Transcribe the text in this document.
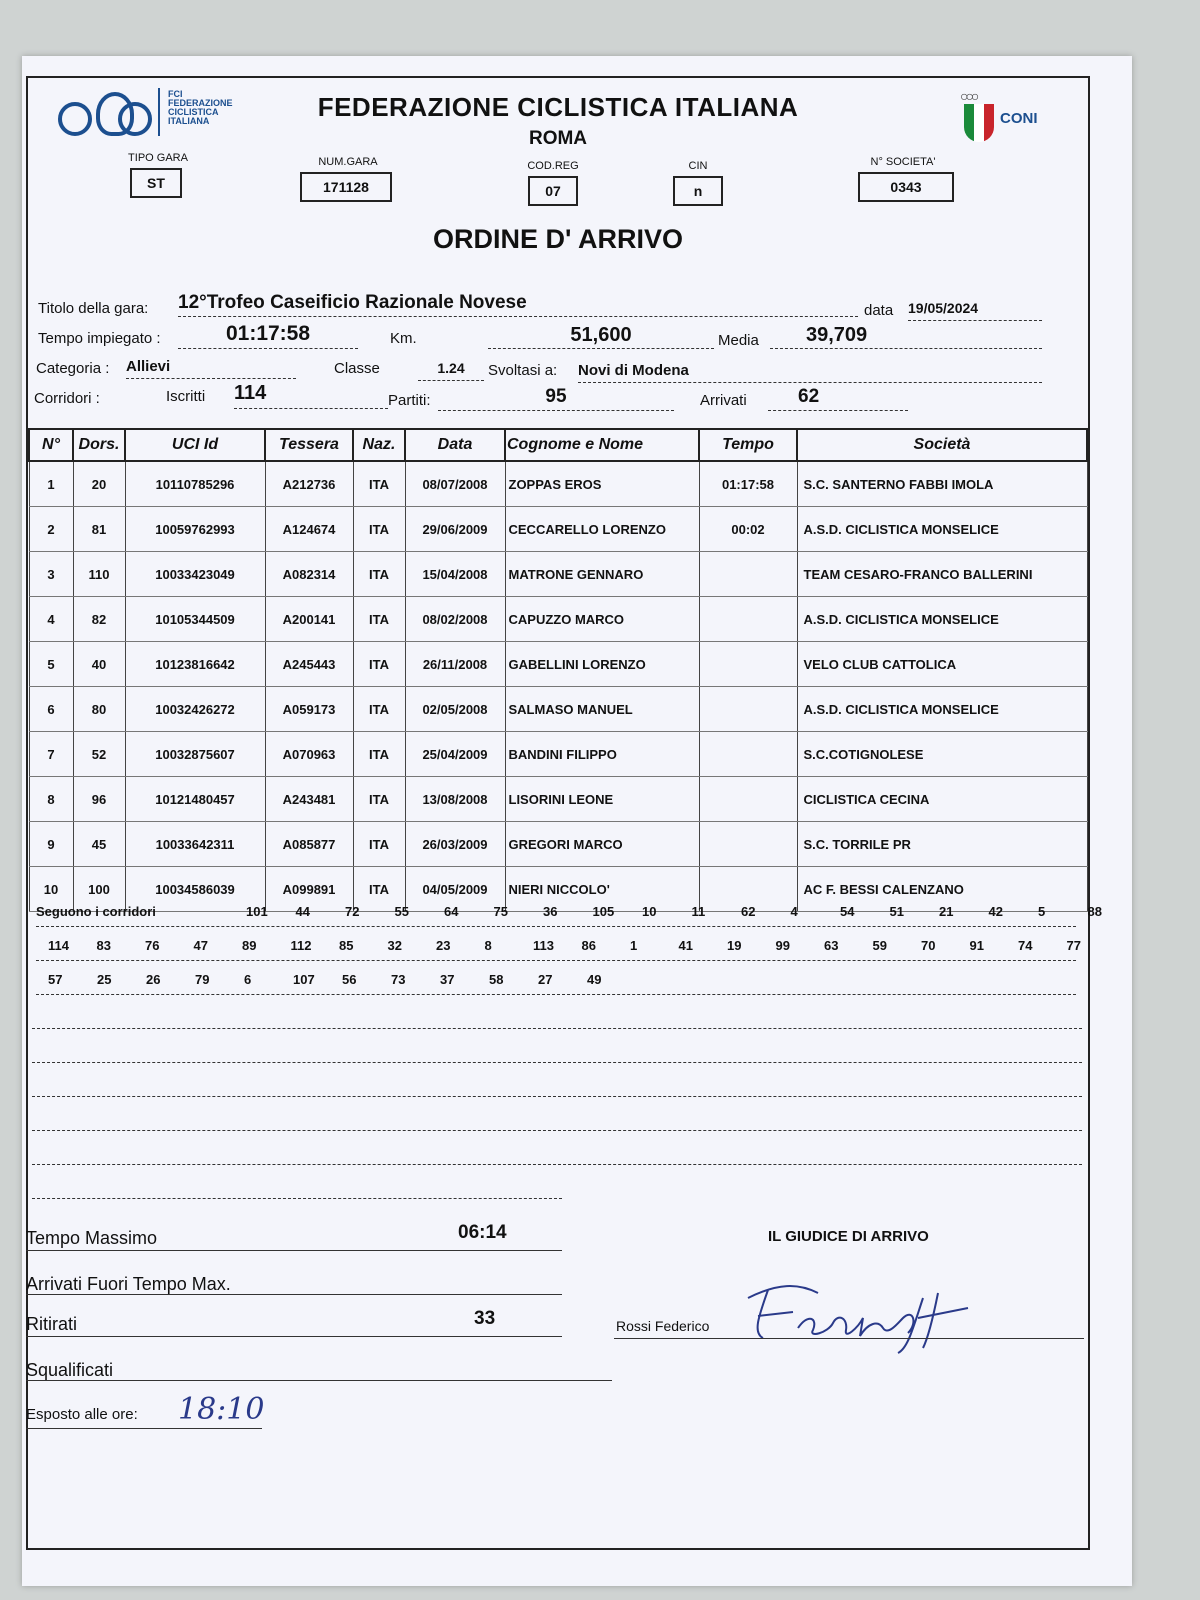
FCI
FEDERAZIONE
CICLISTICA
ITALIANA	FEDERAZIONE CICLISTICA ITALIANA
ROMA
○○○
CONI
TIPO GARA
ST
NUM.GARA
171128
COD.REG
07
CIN
n
N° SOCIETA'
0343
ORDINE D' ARRIVO
Titolo della gara: 12°Trofeo Caseificio Razionale Novese	data 19/05/2024
Tempo impiegato :	01:17:58	Km.	51,600	Media	39,709
Categoria : Allievi	Classe	1.24	Svoltasi a: Novi di Modena
Corridori :	Iscritti 114	Partiti:	95	Arrivati	62
N°	Dors.	UCI Id	Tessera	Naz.	Data	Cognome e Nome	Tempo	Società
1	20	10110785296	A212736	ITA	08/07/2008	ZOPPAS EROS	01:17:58	S.C. SANTERNO FABBI IMOLA
2	81	10059762993	A124674	ITA	29/06/2009	CECCARELLO LORENZO	00:02	A.S.D. CICLISTICA MONSELICE
3	110	10033423049	A082314	ITA	15/04/2008	MATRONE GENNARO		TEAM CESARO-FRANCO BALLERINI
4	82	10105344509	A200141	ITA	08/02/2008	CAPUZZO MARCO		A.S.D. CICLISTICA MONSELICE
5	40	10123816642	A245443	ITA	26/11/2008	GABELLINI LORENZO		VELO CLUB CATTOLICA
6	80	10032426272	A059173	ITA	02/05/2008	SALMASO MANUEL		A.S.D. CICLISTICA MONSELICE
7	52	10032875607	A070963	ITA	25/04/2009	BANDINI FILIPPO		S.C.COTIGNOLESE
8	96	10121480457	A243481	ITA	13/08/2008	LISORINI LEONE		CICLISTICA CECINA
9	45	10033642311	A085877	ITA	26/03/2009	GREGORI MARCO		S.C. TORRILE PR
10	100	10034586039	A099891	ITA	04/05/2009	NIERI NICCOLO'		AC F. BESSI CALENZANO
Seguono i corridori	101 44	72	55	64	75	36	105 10	11	62	4	54	51	21	42	5	88
114 83	76	47	89	112 85	32	23	8	113 86	1	41	19	99	63	59	70	91	74	77
57	25	26	79	6	107 56	73	37	58	27	49
Tempo Massimo	06:14
Arrivati Fuori Tempo Max.
Ritirati	33
Squalificati
Esposto alle ore: 18:10
IL GIUDICE DI ARRIVO
Rossi Federico
